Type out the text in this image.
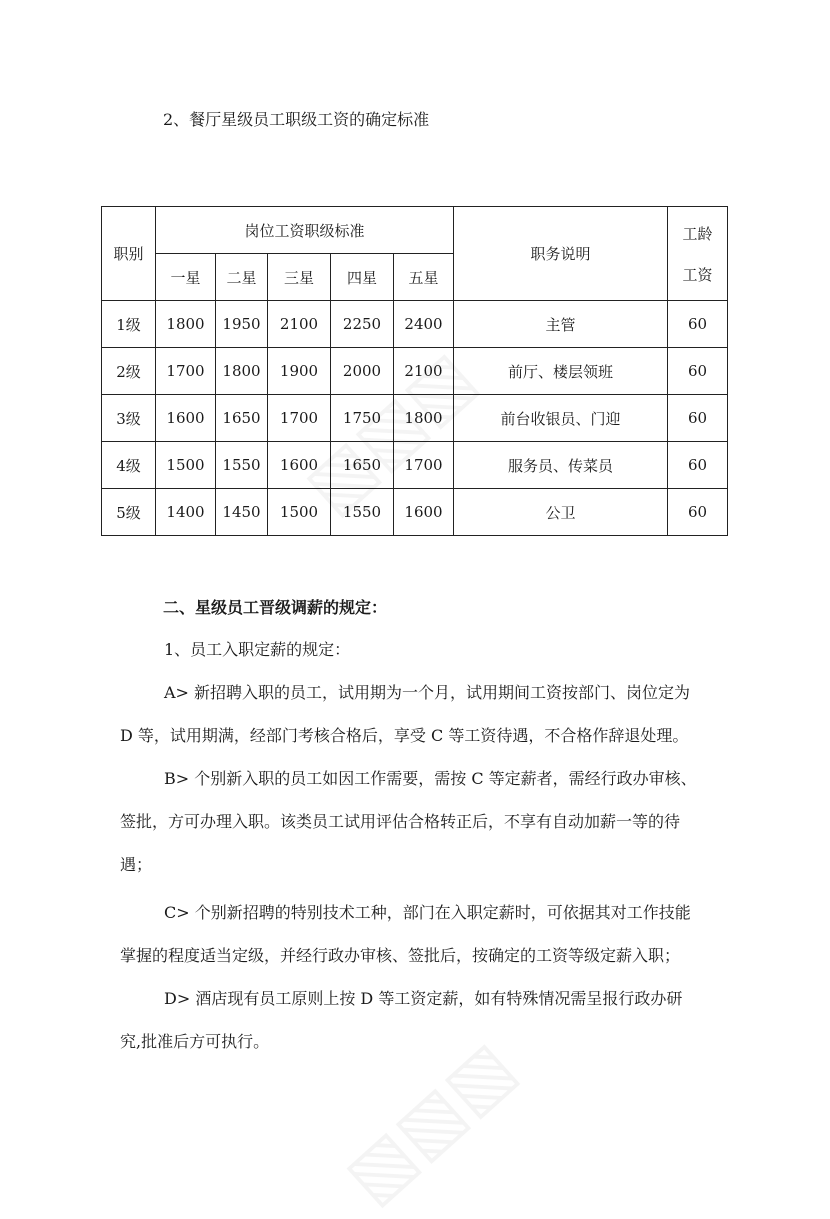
2、餐厅星级员工职级工资的确定标准
职别	岗位工资职级标准					职务说明	工龄
工资

	一星	二星	三星	四星	五星		
1级	1800	1950	2100	2250	2400	主管	60
2级	1700	1800	1900	2000	2100	前厅、楼层领班	60
3级	1600	1650	1700	1750	1800	前台收银员、门迎	60
4级	1500	1550	1600	1650	1700	服务员、传菜员	60
5级	1400	1450	1500	1550	1600	公卫	60
二、星级员工晋级调薪的规定：
1、员工入职定薪的规定：
A> 新招聘入职的员工，试用期为一个月，试用期间工资按部门、岗位定为
D 等，试用期满，经部门考核合格后，享受 C 等工资待遇，不合格作辞退处理。
B> 个别新入职的员工如因工作需要，需按 C 等定薪者，需经行政办审核、
签批，方可办理入职。该类员工试用评估合格转正后，不享有自动加薪一等的待
遇；
C> 个别新招聘的特别技术工种，部门在入职定薪时，可依据其对工作技能
掌握的程度适当定级，并经行政办审核、签批后，按确定的工资等级定薪入职；
D> 酒店现有员工原则上按 D 等工资定薪，如有特殊情况需呈报行政办研
究,批准后方可执行。
